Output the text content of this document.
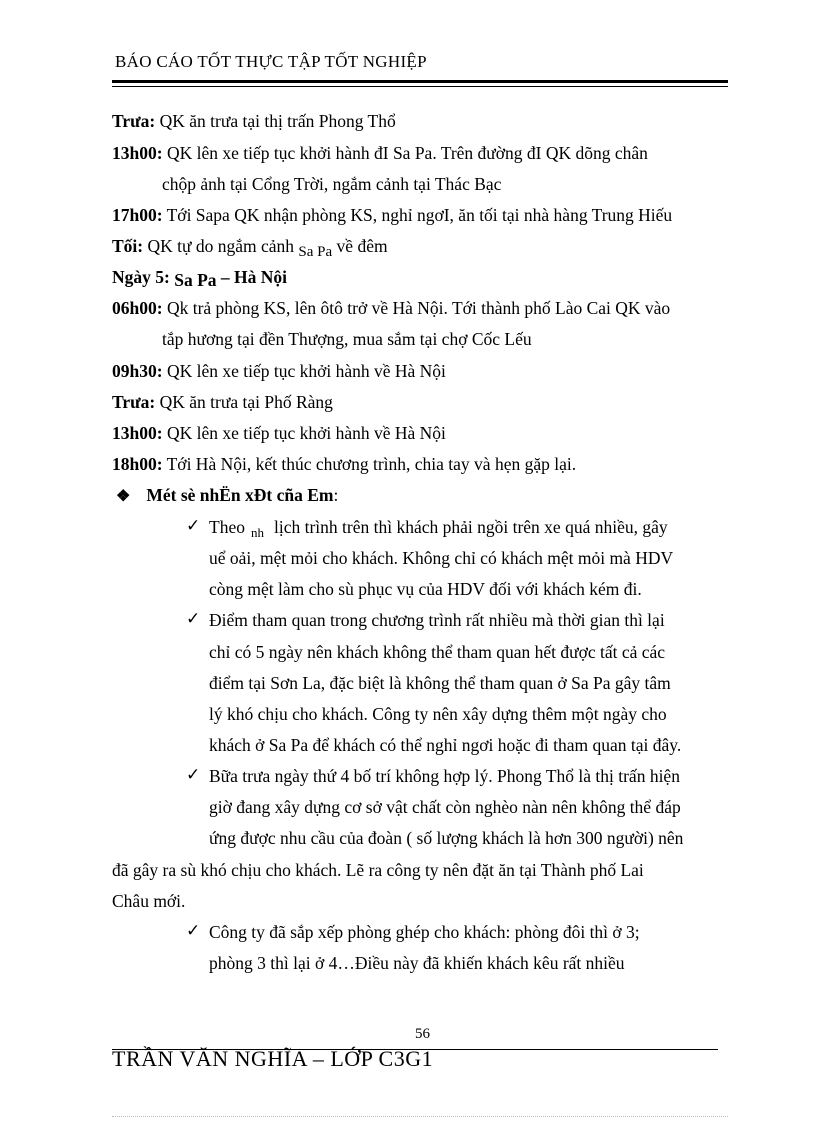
BÁO CÁO TỐT THỰC TẬP TỐT NGHIỆP
Trưa: QK ăn trưa tại thị trấn Phong Thổ
13h00: QK lên xe tiếp tục khởi hành đI Sa Pa. Trên đường đI QK dõng chân
chộp ảnh tại Cổng Trời, ngắm cảnh tại Thác Bạc
17h00: Tới Sapa QK nhận phòng KS, nghỉ ngơI, ăn tối tại nhà hàng Trung Hiếu
Tối: QK tự do ngắm cảnh Sa Pa về đêm
Ngày 5: Sa Pa – Hà Nội
06h00: Qk trả phòng KS, lên ôtô trở về Hà Nội. Tới thành phố Lào Cai QK vào
tắp hương tại đền Thượng, mua sắm tại chợ Cốc Lếu
09h30: QK lên xe tiếp tục khởi hành về Hà Nội
Trưa: QK ăn trưa tại Phố Ràng
13h00: QK lên xe tiếp tục khởi hành về Hà Nội
18h00: Tới Hà Nội, kết thúc chương trình, chia tay và hẹn gặp lại.
❖ Mét sè nhËn xÐt cña Em:
✓ Theo $_{nh}$ lịch trình trên thì khách phải ngồi trên xe quá nhiều, gây
uể oải, mệt mỏi cho khách. Không chỉ có khách mệt mỏi mà HDV
còng mệt làm cho sù phục vụ của HDV đối với khách kém đi.
✓ Điểm tham quan trong chương trình rất nhiều mà thời gian thì lại
chỉ có 5 ngày nên khách không thể tham quan hết được tất cả các
điểm tại Sơn La, đặc biệt là không thể tham quan ở Sa Pa gây tâm
lý khó chịu cho khách. Công ty nên xây dựng thêm một ngày cho
khách ở Sa Pa để khách có thể nghỉ ngơi hoặc đi tham quan tại đây.
✓ Bữa trưa ngày thứ 4 bố trí không hợp lý. Phong Thổ là thị trấn hiện
giờ đang xây dựng cơ sở vật chất còn nghèo nàn nên không thể đáp
ứng được nhu cầu của đoàn ( số lượng khách là hơn 300 người) nên
đã gây ra sù khó chịu cho khách. Lẽ ra công ty nên đặt ăn tại Thành phố Lai
Châu mới.
✓ Công ty đã sắp xếp phòng ghép cho khách: phòng đôi thì ở 3;
phòng 3 thì lại ở 4…Điều này đã khiến khách kêu rất nhiều
56
TRẦN VĂN NGHĨA – LỚP C3G1
